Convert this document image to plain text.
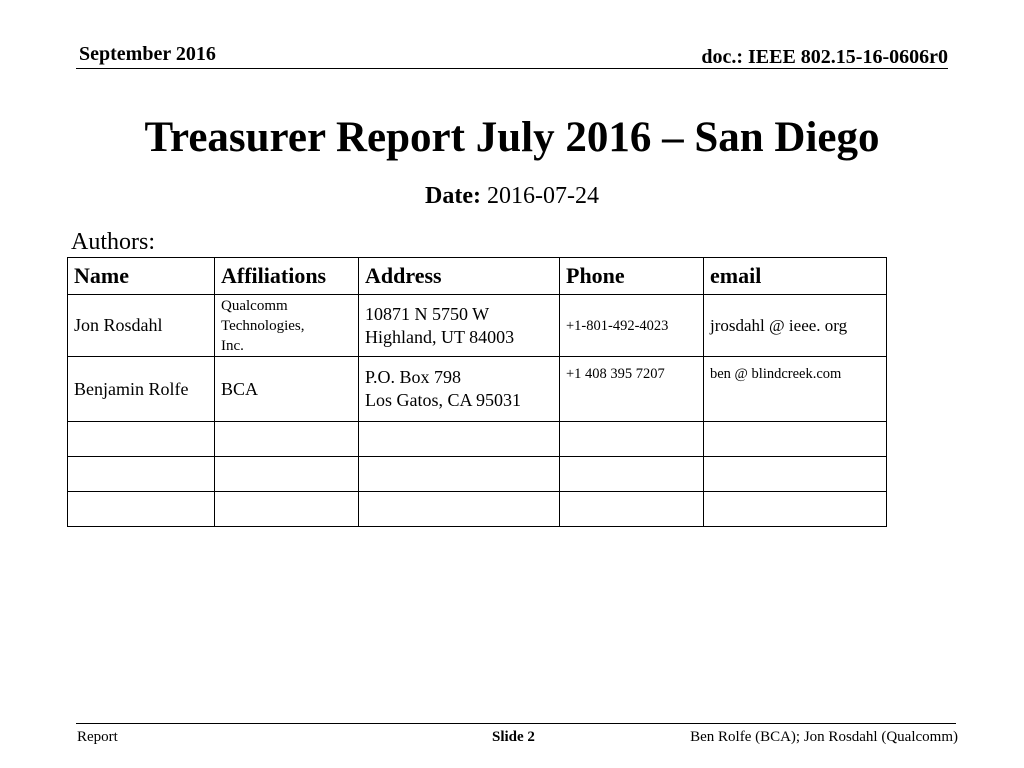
September 2016	doc.: IEEE 802.15-16-0606r0
Treasurer Report July 2016 – San Diego
Date: 2016-07-24
Authors:
Name	Affiliations	Address	Phone	email
Jon Rosdahl	Qualcomm
Technologies,
Inc.	10871 N 5750 W
Highland, UT 84003	+1-801-492-4023	jrosdahl @ ieee. org
Benjamin Rolfe	BCA	P.O. Box 798
Los Gatos, CA 95031	+1 408 395 7207	ben @ blindcreek.com

Report	Slide 2	Ben Rolfe (BCA); Jon Rosdahl (Qualcomm)
